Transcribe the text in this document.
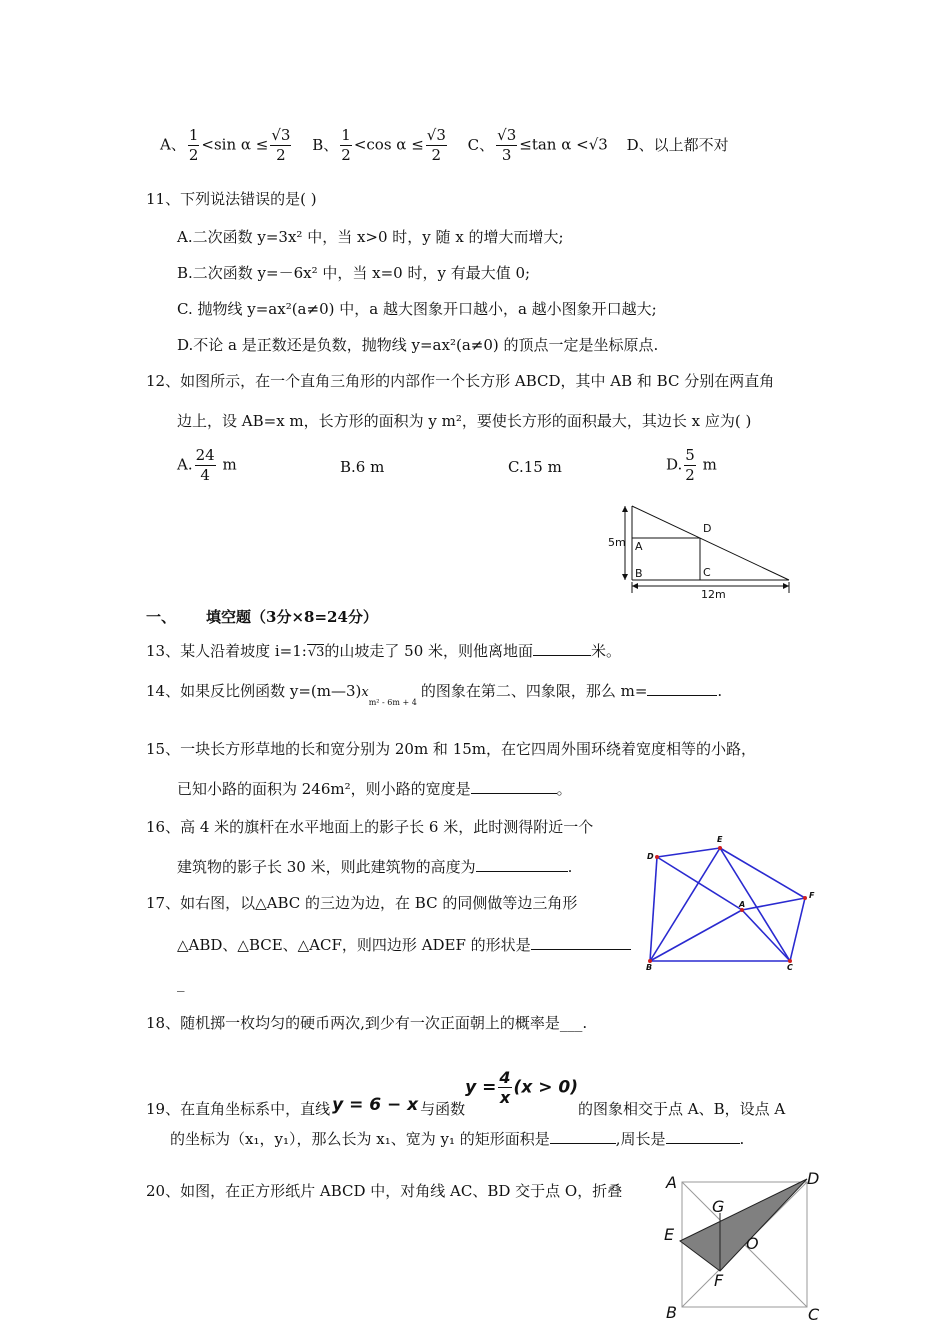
A、 $\frac{1}{2} <\sin$ $\alpha \le \frac{√3}{2}$ B、 $\frac{1}{2} <\cos$ $\alpha \le \frac{√3}{2}$ C、 $\frac{√3}{3} \le\tan$ α <√3 D、以上都不对
11、下列说法错误的是( )
A.二次函数 y=3x² 中，当 x>0 时，y 随 x 的增大而增大;
B.二次函数 y=－6x² 中，当 x=0 时，y 有最大值 0;
C. 抛物线 y=ax²(a≠0) 中，a 越大图象开口越小，a 越小图象开口越大;
D.不论 a 是正数还是负数，抛物线 y=ax²(a≠0) 的顶点一定是坐标原点.
12、如图所示，在一个直角三角形的内部作一个长方形 ABCD，其中 AB 和 BC 分别在两直角
边上，设 AB=x m，长方形的面积为 y m²，要使长方形的面积最大，其边长 x 应为( )
A. $\frac{24}{4}$ m	B.6 m	C.15 m	D. $\frac{5}{2}$ m
5m
12m
A
B	C
D
一、 填空题（3分×8=24分）
13、某人沿着坡度 i=1:√3的山坡走了 50 米，则他离地面	米。
14、如果反比例函数 $y=(m—3)x_{m^2 - 6m + 4}$的图象在第二、四象限，那么 m=	.
15、一块长方形草地的长和宽分别为 20m 和 15m，在它四周外围环绕着宽度相等的小路，
已知小路的面积为 246m²，则小路的宽度是	。
16、高 4 米的旗杆在水平地面上的影子长 6 米，此时测得附近一个
建筑物的影子长 30 米，则此建筑物的高度为	.
17、如右图，以△ABC 的三边为边，在 BC 的同侧做等边三角形
△ABD、△BCE、△ACF，则四边形 ADEF 的形状是
_
D
E
F
A
B	C
18、随机掷一枚均匀的硬币两次,到少有一次正面朝上的概率是___.
19、在直角坐标系中，直线 y = 6 − x 与函数$y = \frac{4}{x} (x > 0)$的图象相交于点 A、B，设点 A
的坐标为（x₁，y₁），那么长为 x₁、宽为 y₁ 的矩形面积是	,周长是	.
20、如图，在正方形纸片 ABCD 中，对角线 AC、BD 交于点 O，折叠	A	D
E
G
O
F
B	C
